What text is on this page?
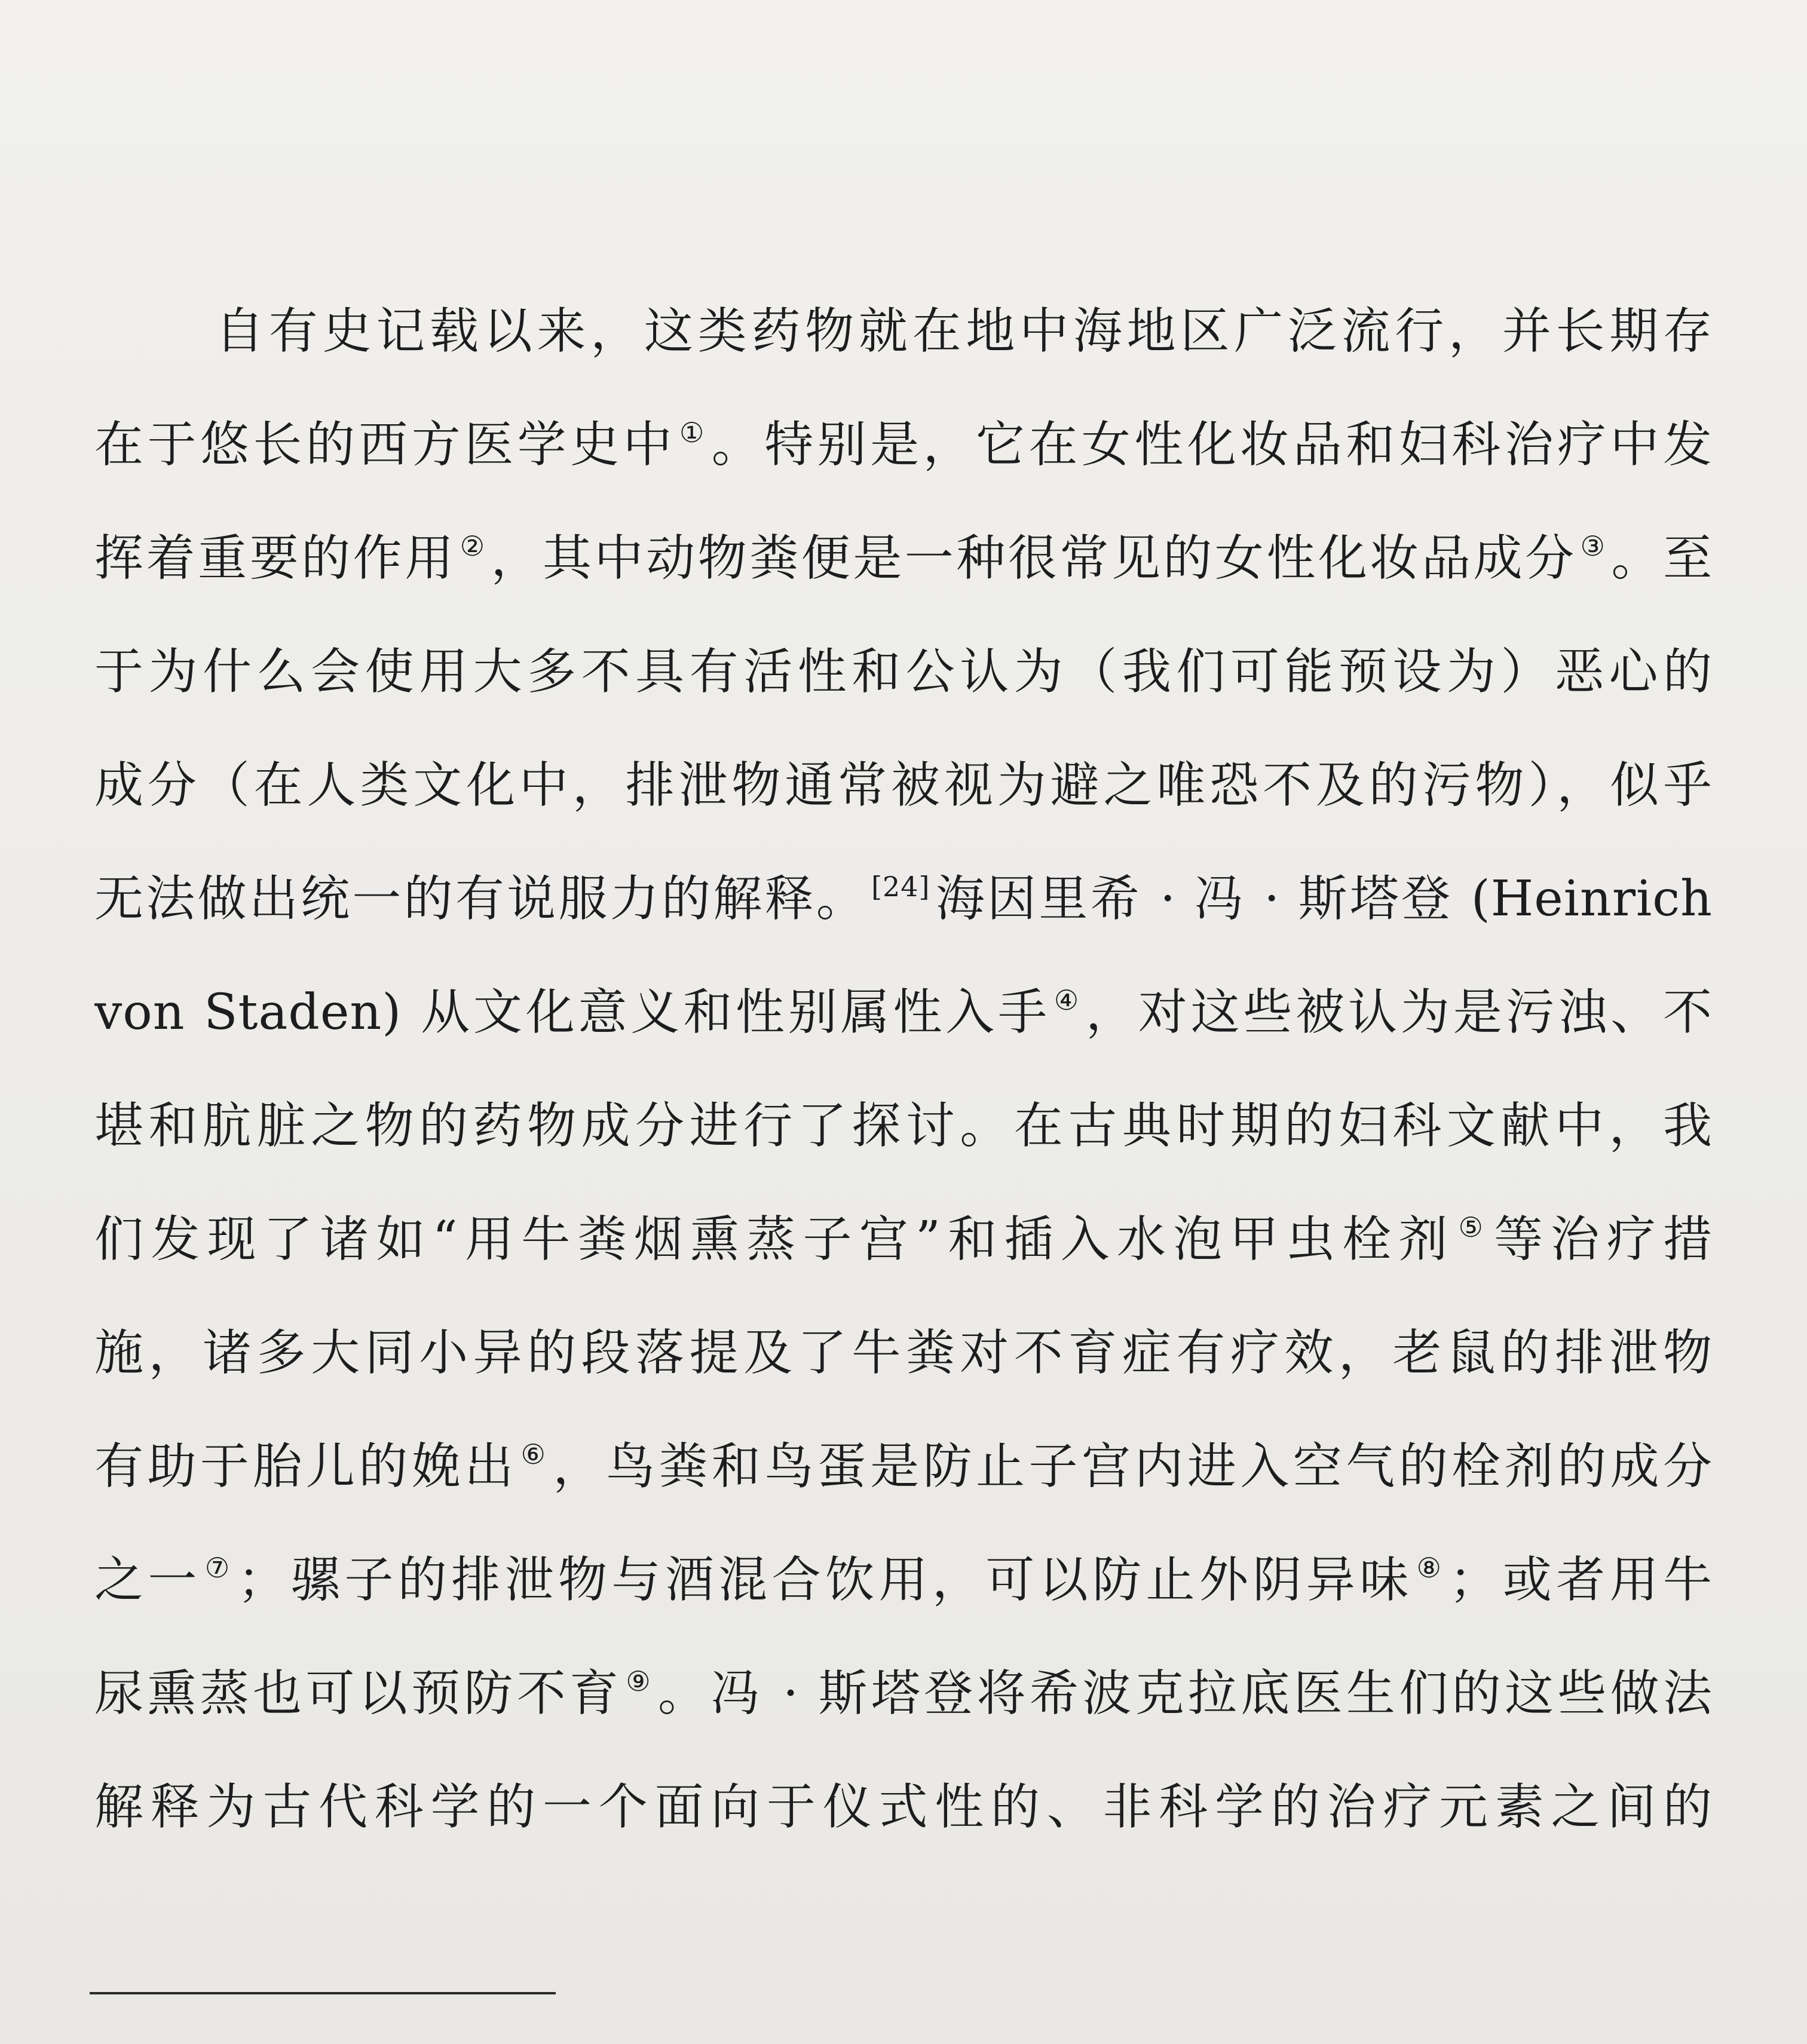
自有史记载以来，这类药物就在地中海地区广泛流行，并长期存
在于悠长的西方医学史中 ①。特别是，它在女性化妆品和妇科治疗中发
挥着重要的作用 ②，其中动物粪便是一种很常见的女性化妆品成分 ③。至
于为什么会使用大多不具有活性和公认为（我们可能预设为）恶心的
成分（在人类文化中，排泄物通常被视为避之唯恐不及的污物），似乎
无法做出统一的有说服力的解释。 [24]海因里希 · 冯 · 斯塔登 (Heinrich
von Staden) 从文化意义和性别属性入手 ④，对这些被认为是污浊、不
堪和肮脏之物的药物成分进行了探讨。在古典时期的妇科文献中，我
们发现了诸如“用牛粪烟熏蒸子宫”和插入水泡甲虫栓剂 ⑤等治疗措
施，诸多大同小异的段落提及了牛粪对不育症有疗效，老鼠的排泄物
有助于胎儿的娩出 ⑥，鸟粪和鸟蛋是防止子宫内进入空气的栓剂的成分
之一 ⑦；骡子的排泄物与酒混合饮用，可以防止外阴异味 ⑧；或者用牛
尿熏蒸也可以预防不育 ⑨。冯 · 斯塔登将希波克拉底医生们的这些做法
解释为古代科学的一个面向于仪式性的、非科学的治疗元素之间的
